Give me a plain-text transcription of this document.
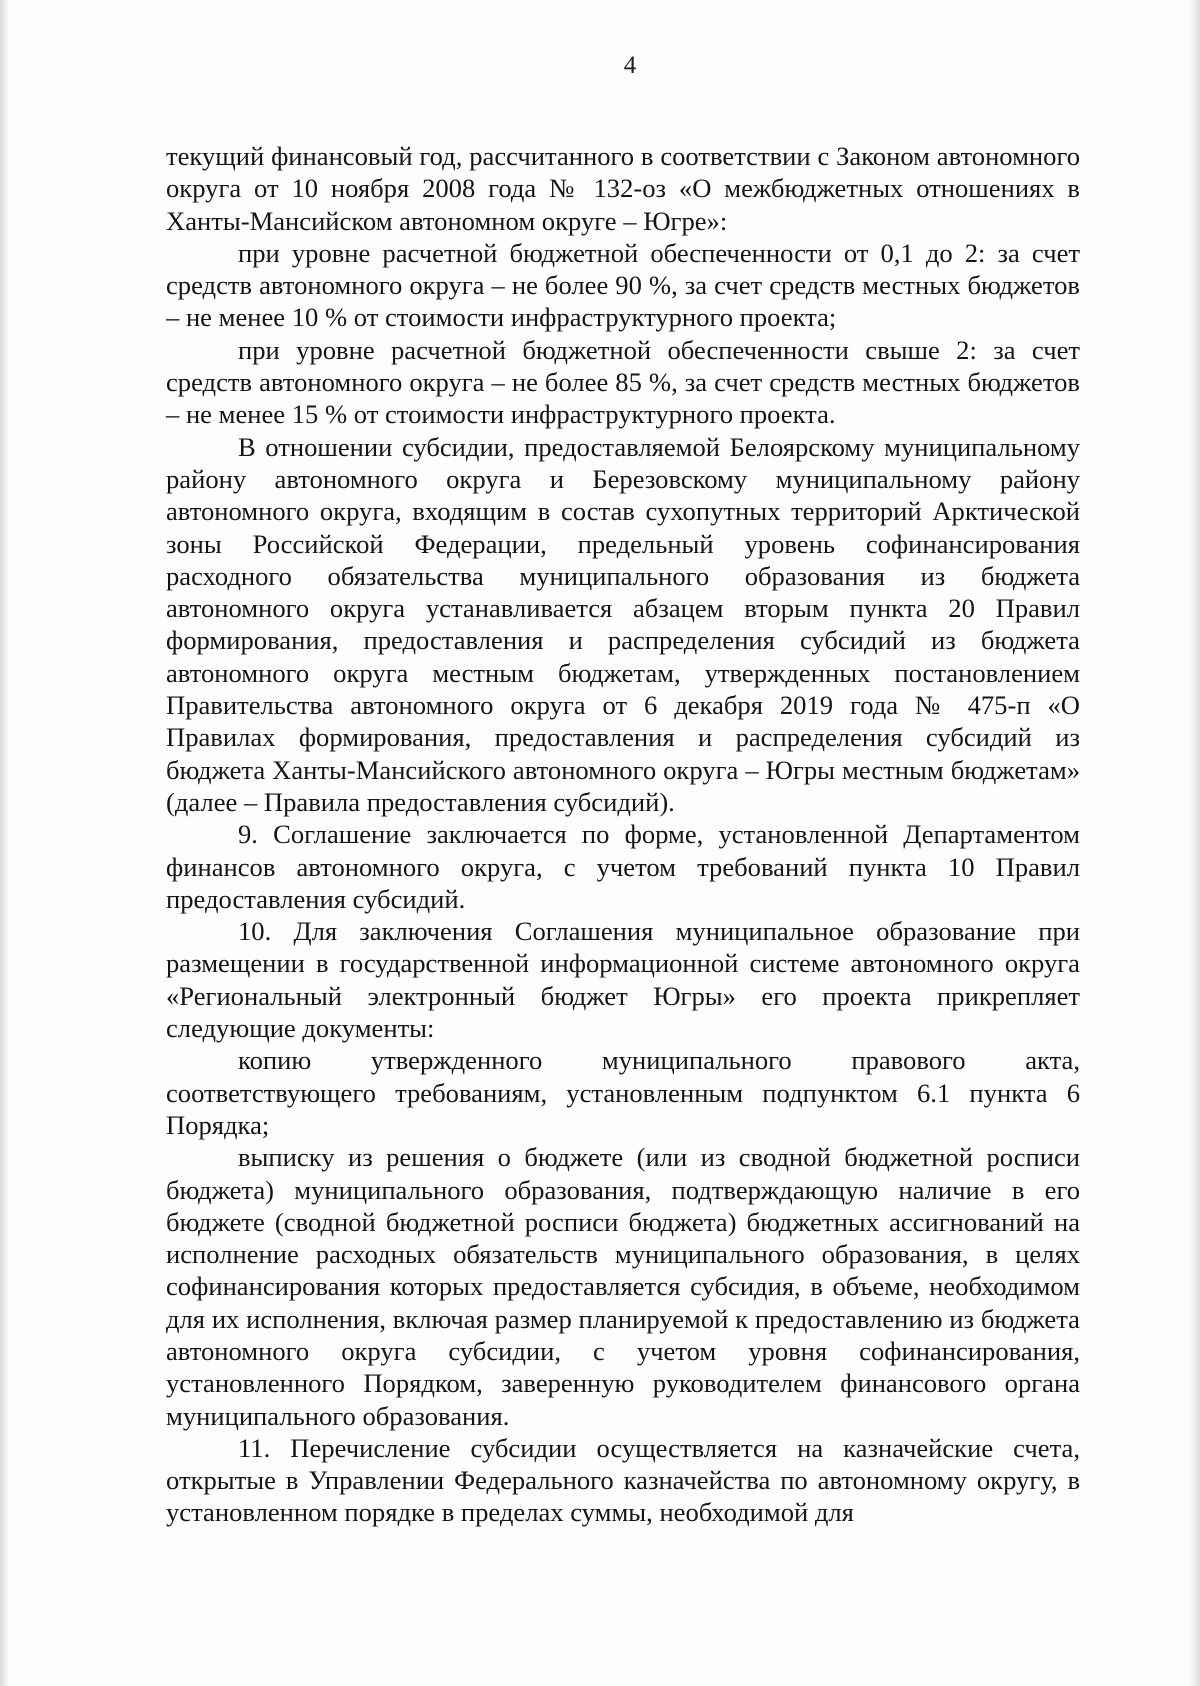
4

текущий финансовый год, рассчитанного в соответствии с Законом автономного округа от 10 ноября 2008 года № 132-оз «О межбюджетных отношениях в Ханты-Мансийском автономном округе – Югре»:

при уровне расчетной бюджетной обеспеченности от 0,1 до 2: за счет средств автономного округа – не более 90 %, за счет средств местных бюджетов – не менее 10 % от стоимости инфраструктурного проекта;

при уровне расчетной бюджетной обеспеченности свыше 2: за счет средств автономного округа – не более 85 %, за счет средств местных бюджетов – не менее 15 % от стоимости инфраструктурного проекта.

В отношении субсидии, предоставляемой Белоярскому муниципальному району автономного округа и Березовскому муниципальному району автономного округа, входящим в состав сухопутных территорий Арктической зоны Российской Федерации, предельный уровень софинансирования расходного обязательства муниципального образования из бюджета автономного округа устанавливается абзацем вторым пункта 20 Правил формирования, предоставления и распределения субсидий из бюджета автономного округа местным бюджетам, утвержденных постановлением Правительства автономного округа от 6 декабря 2019 года № 475-п «О Правилах формирования, предоставления и распределения субсидий из бюджета Ханты-Мансийского автономного округа – Югры местным бюджетам» (далее – Правила предоставления субсидий).

9. Соглашение заключается по форме, установленной Департаментом финансов автономного округа, с учетом требований пункта 10 Правил предоставления субсидий.

10. Для заключения Соглашения муниципальное образование при размещении в государственной информационной системе автономного округа «Региональный электронный бюджет Югры» его проекта прикрепляет следующие документы:

копию утвержденного муниципального правового акта, соответствующего требованиям, установленным подпунктом 6.1 пункта 6 Порядка;

выписку из решения о бюджете (или из сводной бюджетной росписи бюджета) муниципального образования, подтверждающую наличие в его бюджете (сводной бюджетной росписи бюджета) бюджетных ассигнований на исполнение расходных обязательств муниципального образования, в целях софинансирования которых предоставляется субсидия, в объеме, необходимом для их исполнения, включая размер планируемой к предоставлению из бюджета автономного округа субсидии, с учетом уровня софинансирования, установленного Порядком, заверенную руководителем финансового органа муниципального образования.

11. Перечисление субсидии осуществляется на казначейские счета, открытые в Управлении Федерального казначейства по автономному округу, в установленном порядке в пределах суммы, необходимой для
